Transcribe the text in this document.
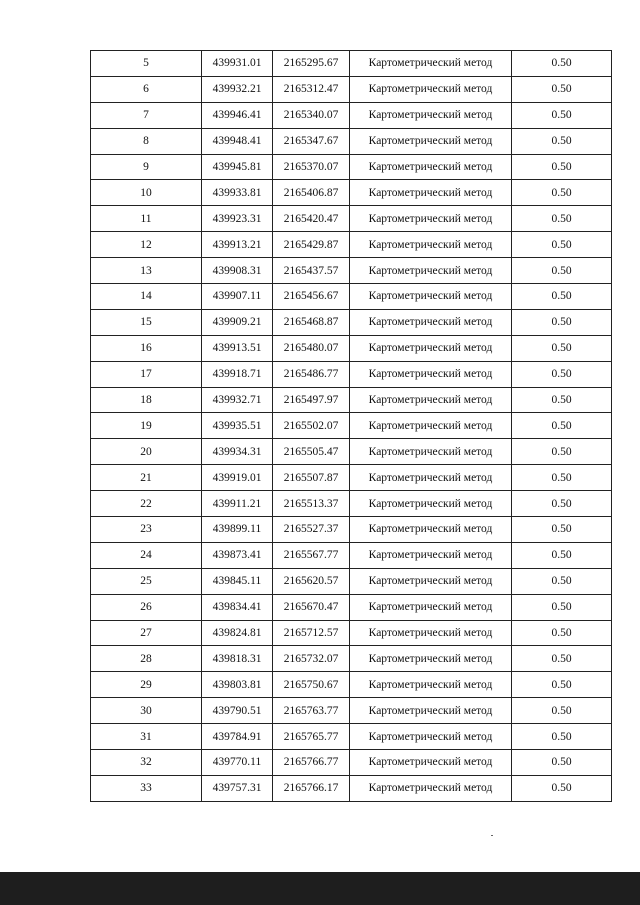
5	439931.01	2165295.67	Картометрический метод	0.50
6	439932.21	2165312.47	Картометрический метод	0.50
7	439946.41	2165340.07	Картометрический метод	0.50
8	439948.41	2165347.67	Картометрический метод	0.50
9	439945.81	2165370.07	Картометрический метод	0.50
10	439933.81	2165406.87	Картометрический метод	0.50
11	439923.31	2165420.47	Картометрический метод	0.50
12	439913.21	2165429.87	Картометрический метод	0.50
13	439908.31	2165437.57	Картометрический метод	0.50
14	439907.11	2165456.67	Картометрический метод	0.50
15	439909.21	2165468.87	Картометрический метод	0.50
16	439913.51	2165480.07	Картометрический метод	0.50
17	439918.71	2165486.77	Картометрический метод	0.50
18	439932.71	2165497.97	Картометрический метод	0.50
19	439935.51	2165502.07	Картометрический метод	0.50
20	439934.31	2165505.47	Картометрический метод	0.50
21	439919.01	2165507.87	Картометрический метод	0.50
22	439911.21	2165513.37	Картометрический метод	0.50
23	439899.11	2165527.37	Картометрический метод	0.50
24	439873.41	2165567.77	Картометрический метод	0.50
25	439845.11	2165620.57	Картометрический метод	0.50
26	439834.41	2165670.47	Картометрический метод	0.50
27	439824.81	2165712.57	Картометрический метод	0.50
28	439818.31	2165732.07	Картометрический метод	0.50
29	439803.81	2165750.67	Картометрический метод	0.50
30	439790.51	2165763.77	Картометрический метод	0.50
31	439784.91	2165765.77	Картометрический метод	0.50
32	439770.11	2165766.77	Картометрический метод	0.50
33	439757.31	2165766.17	Картометрический метод	0.50
